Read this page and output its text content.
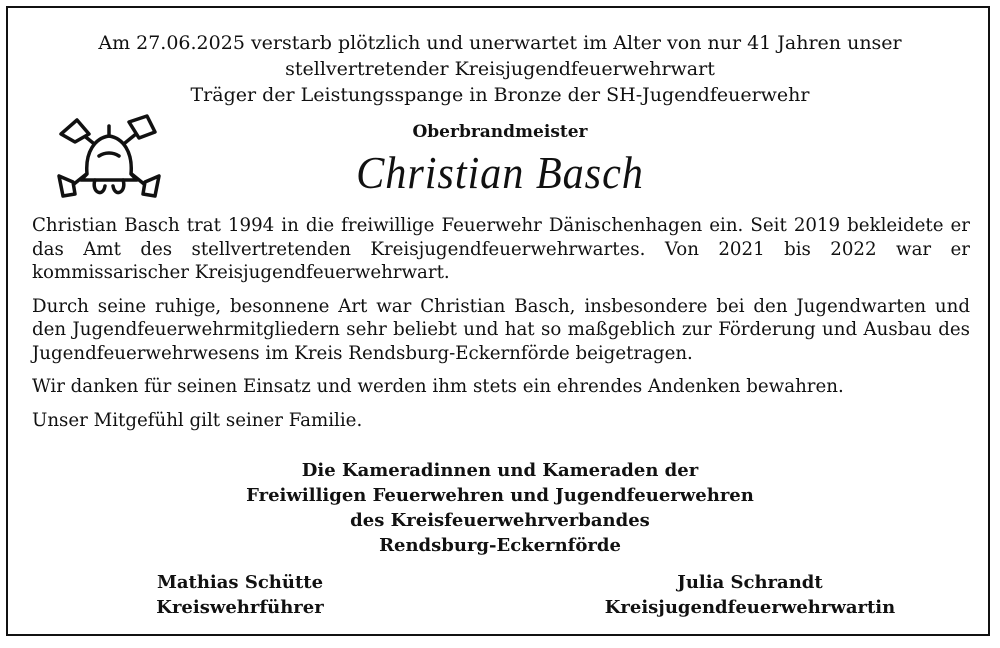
Am 27.06.2025 verstarb plötzlich und unerwartet im Alter von nur 41 Jahren unser
stellvertretender Kreisjugendfeuerwehrwart
Träger der Leistungsspange in Bronze der SH-Jugendfeuerwehr
Oberbrandmeister
Christian Basch

Christian Basch trat 1994 in die freiwillige Feuerwehr Dänischenhagen ein. Seit 2019 bekleidete er das Amt des stellvertretenden Kreisjugendfeuerwehrwartes. Von 2021 bis 2022 war er kommissarischer Kreisjugendfeuerwehrwart.

Durch seine ruhige, besonnene Art war Christian Basch, insbesondere bei den Jugendwarten und den Jugendfeuerwehrmitgliedern sehr beliebt und hat so maßgeblich zur Förderung und Ausbau des Jugendfeuerwehrwesens im Kreis Rendsburg-Eckernförde beigetragen.

Wir danken für seinen Einsatz und werden ihm stets ein ehrendes Andenken bewahren.

Unser Mitgefühl gilt seiner Familie.

Die Kameradinnen und Kameraden der
Freiwilligen Feuerwehren und Jugendfeuerwehren
des Kreisfeuerwehrverbandes
Rendsburg-Eckernförde
Mathias Schütte
Kreiswehrführer
Julia Schrandt
Kreisjugendfeuerwehrwartin
